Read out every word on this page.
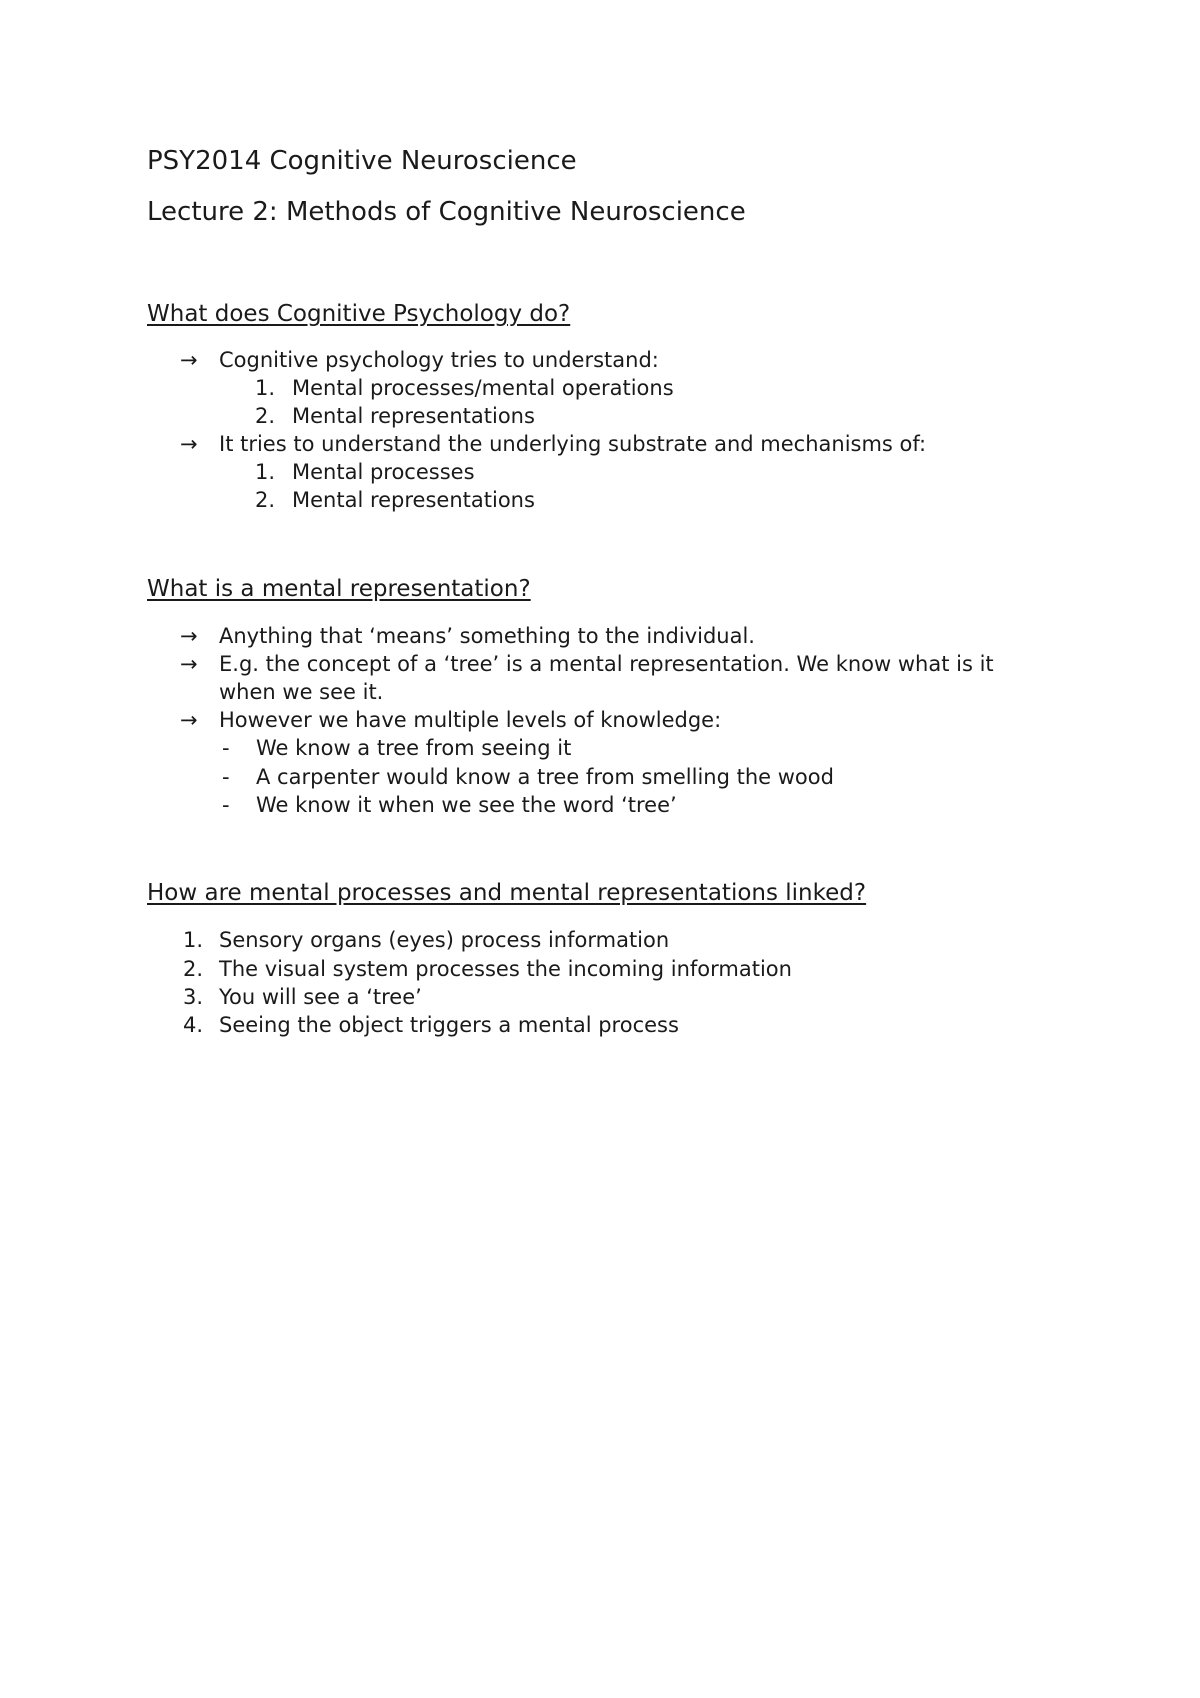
PSY2014 Cognitive Neuroscience
Lecture 2: Methods of Cognitive Neuroscience
What does Cognitive Psychology do?
→ Cognitive psychology tries to understand:
1. Mental processes/mental operations
2. Mental representations
→ It tries to understand the underlying substrate and mechanisms of:
1. Mental processes
2. Mental representations
What is a mental representation?
→ Anything that ‘means’ something to the individual.
→ E.g. the concept of a ‘tree’ is a mental representation. We know what is it
when we see it.
→ However we have multiple levels of knowledge:
- We know a tree from seeing it
- A carpenter would know a tree from smelling the wood
- We know it when we see the word ‘tree’
How are mental processes and mental representations linked?
1. Sensory organs (eyes) process information
2. The visual system processes the incoming information
3. You will see a ‘tree’
4. Seeing the object triggers a mental process
